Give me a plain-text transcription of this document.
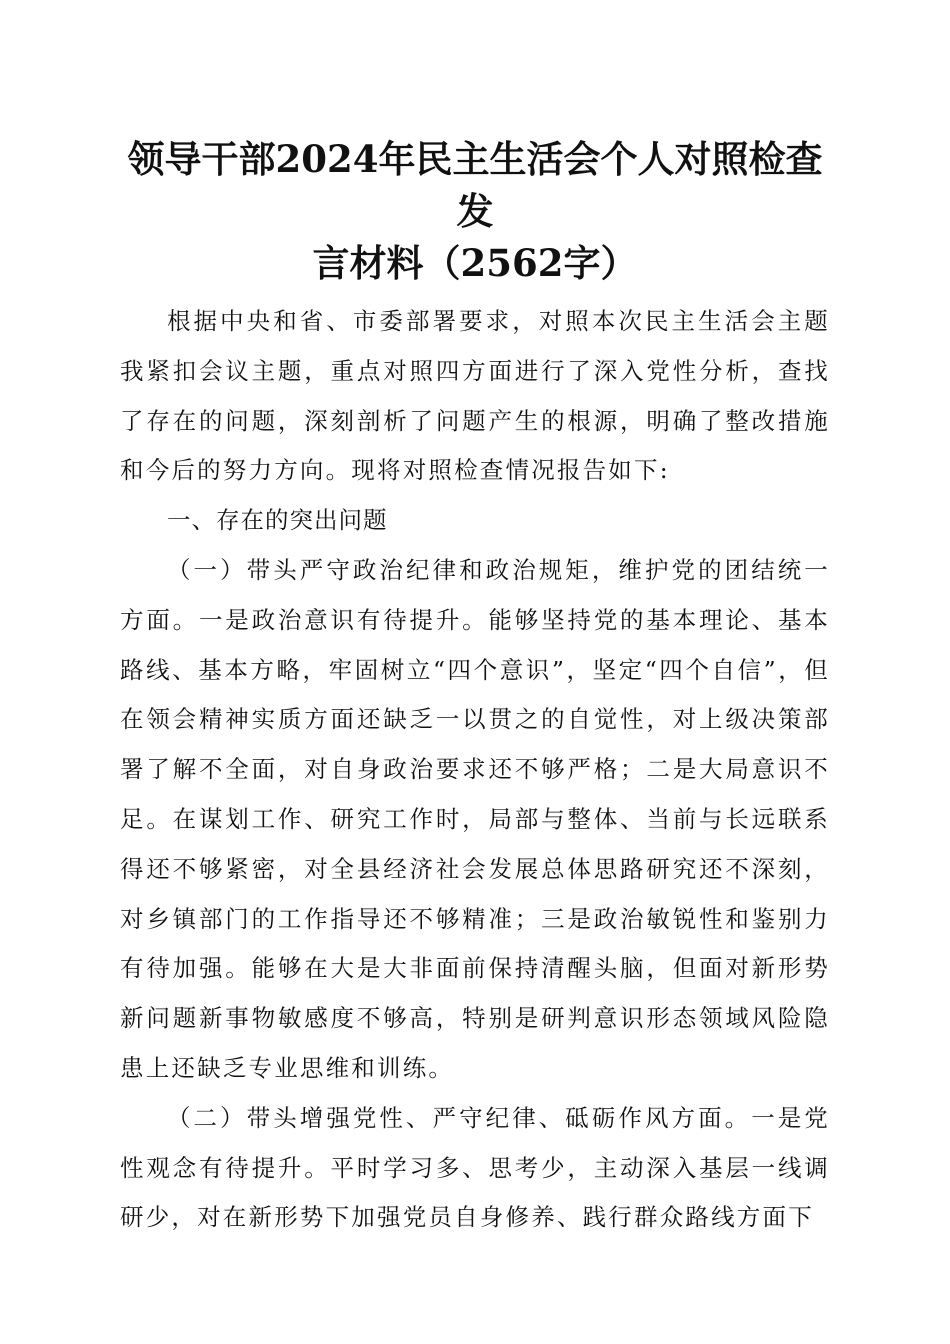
领导干部2024年民主生活会个人对照检查发
言材料（2562字）

根据中央和省、市委部署要求，对照本次民主生活会主题我紧扣会议主题，重点对照四方面进行了深入党性分析，查找了存在的问题，深刻剖析了问题产生的根源，明确了整改措施和今后的努力方向。现将对照检查情况报告如下:

一、存在的突出问题

（一）带头严守政治纪律和政治规矩，维护党的团结统一方面。一是政治意识有待提升。能够坚持党的基本理论、基本路线、基本方略，牢固树立“四个意识”，坚定“四个自信”，但在领会精神实质方面还缺乏一以贯之的自觉性，对上级决策部署了解不全面，对自身政治要求还不够严格；二是大局意识不足。在谋划工作、研究工作时，局部与整体、当前与长远联系得还不够紧密，对全县经济社会发展总体思路研究还不深刻，对乡镇部门的工作指导还不够精准；三是政治敏锐性和鉴别力有待加强。能够在大是大非面前保持清醒头脑，但面对新形势新问题新事物敏感度不够高，特别是研判意识形态领域风险隐患上还缺乏专业思维和训练。

（二）带头增强党性、严守纪律、砥砺作风方面。一是党性观念有待提升。平时学习多、思考少，主动深入基层一线调研少，对在新形势下加强党员自身修养、践行群众路线方面下
